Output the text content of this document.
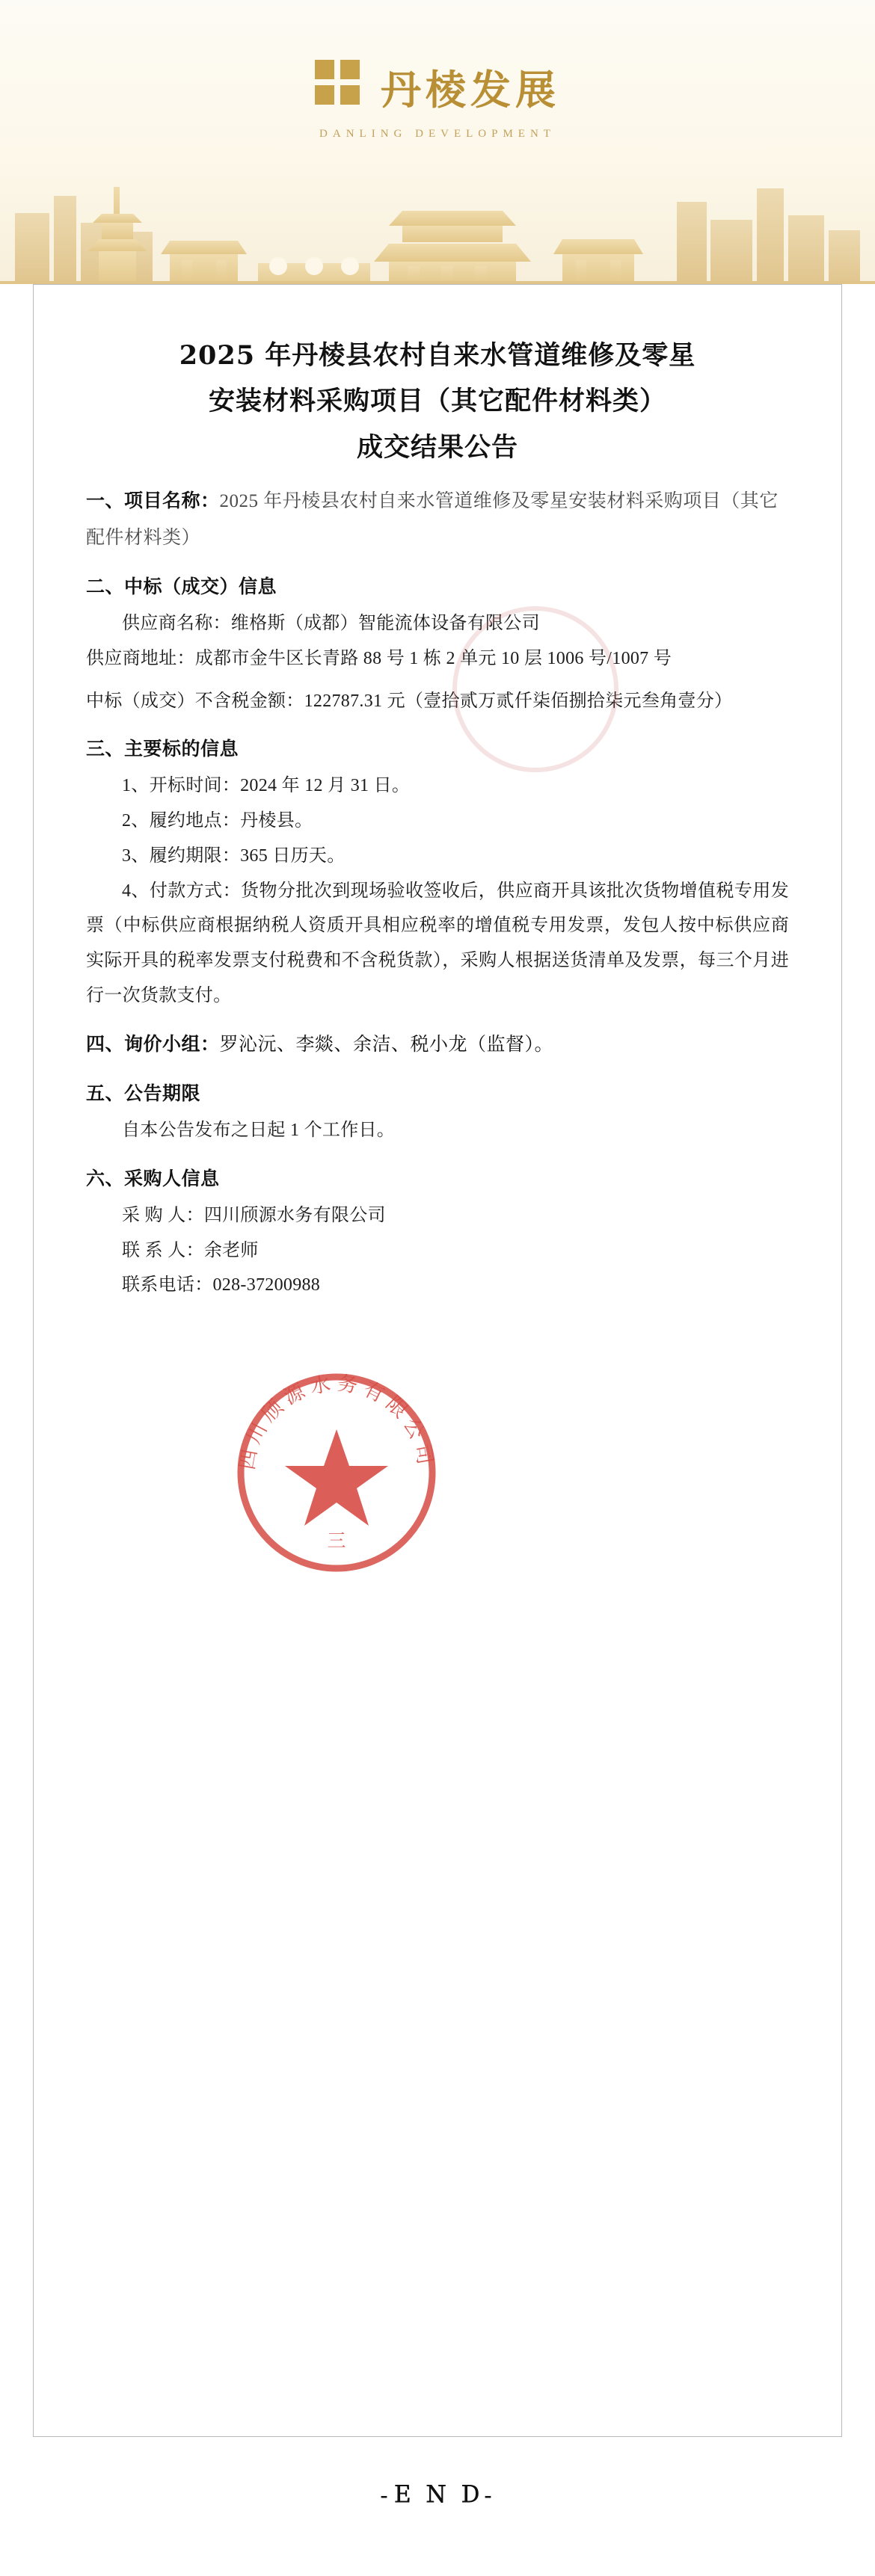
丹棱发展
DANLING DEVELOPMENT
2025 年丹棱县农村自来水管道维修及零星
安装材料采购项目（其它配件材料类）
成交结果公告
一、项目名称：2025 年丹棱县农村自来水管道维修及零星安装材料采购项目（其它配件材料类）
二、中标（成交）信息

供应商名称：维格斯（成都）智能流体设备有限公司

供应商地址：成都市金牛区长青路 88 号 1 栋 2 单元 10 层 1006 号/1007 号

中标（成交）不含税金额：122787.31 元（壹拾贰万贰仟柒佰捌拾柒元叁角壹分）

三、主要标的信息

1、开标时间：2024 年 12 月 31 日。

2、履约地点：丹棱县。

3、履约期限：365 日历天。

4、付款方式：货物分批次到现场验收签收后，供应商开具该批次货物增值税专用发票（中标供应商根据纳税人资质开具相应税率的增值税专用发票，发包人按中标供应商实际开具的税率发票支付税费和不含税货款），采购人根据送货清单及发票，每三个月进行一次货款支付。

四、询价小组：罗沁沅、李燚、余洁、税小龙（监督）。
五、公告期限

自本公告发布之日起 1 个工作日。

六、采购人信息

采 购 人：四川颀源水务有限公司

联 系 人：余老师

联系电话：028-37200988

四川颀源水务有限公司
三
-Ｅ Ｎ Ｄ-
